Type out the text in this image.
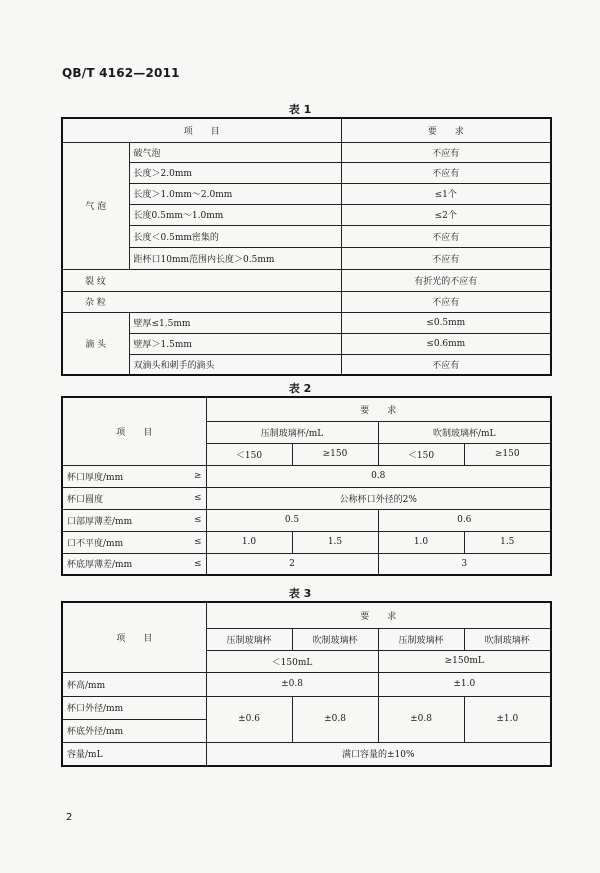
QB/T 4162—2011
表 1
项　　目		要　　求
气 泡	破气泡	不应有
	长度＞2.0mm	不应有
	长度＞1.0mm～2.0mm	≤1个
	长度0.5mm～1.0mm	≤2个
	长度＜0.5mm密集的	不应有
	距杯口10mm范围内长度＞0.5mm	不应有
裂 纹		有折光的不应有
杂 粒		不应有
滴 头	壁厚≤1.5mm	≤0.5mm
	壁厚＞1.5mm	≤0.6mm
	双滴头和刺手的滴头	不应有
表 2
项　　目	要　　求			
	压制玻璃杯/mL		吹制玻璃杯/mL	
	＜150	≥150	＜150	≥150

杯口厚度/mm ≥	0.8			

杯口圆度 ≤	公称杯口外径的2%			

口部厚薄差/mm ≤	0.5		0.6	

口不平度/mm ≤	1.0	1.5	1.0	1.5

杯底厚薄差/mm ≤	2		3	
表 3
项　　目	要　　求			
	压制玻璃杯	吹制玻璃杯	压制玻璃杯	吹制玻璃杯
	＜150mL		≥150mL	
杯高/mm	±0.8		±1.0	
杯口外径/mm	±0.6	±0.8	±0.8	±1.0
杯底外径/mm				
容量/mL	满口容量的±10%			
2
